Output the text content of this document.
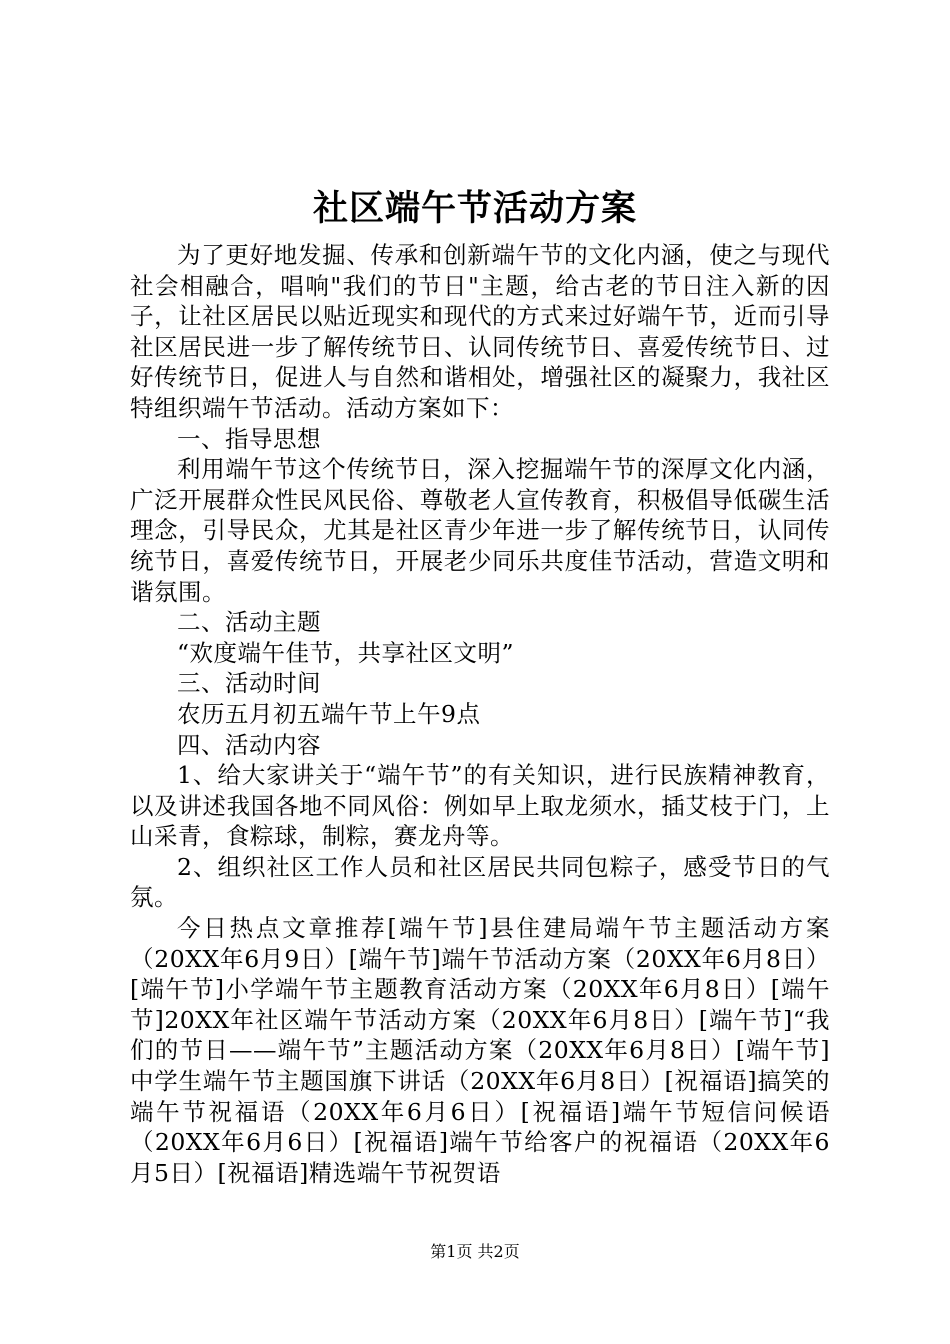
社区端午节活动方案

为了更好地发掘、传承和创新端午节的文化内涵，使之与现代社会相融合，唱响"我们的节日"主题，给古老的节日注入新的因子，让社区居民以贴近现实和现代的方式来过好端午节，近而引导社区居民进一步了解传统节日、认同传统节日、喜爱传统节日、过好传统节日，促进人与自然和谐相处，增强社区的凝聚力，我社区特组织端午节活动。活动方案如下：

一、指导思想

利用端午节这个传统节日，深入挖掘端午节的深厚文化内涵，广泛开展群众性民风民俗、尊敬老人宣传教育，积极倡导低碳生活理念，引导民众，尤其是社区青少年进一步了解传统节日，认同传统节日，喜爱传统节日，开展老少同乐共度佳节活动，营造文明和谐氛围。

二、活动主题

“欢度端午佳节，共享社区文明”

三、活动时间

农历五月初五端午节上午9点

四、活动内容

1、给大家讲关于“端午节”的有关知识，进行民族精神教育，以及讲述我国各地不同风俗：例如早上取龙须水，插艾枝于门，上山采青，食粽球，制粽，赛龙舟等。

2、组织社区工作人员和社区居民共同包粽子，感受节日的气氛。

今日热点文章推荐[端午节]县住建局端午节主题活动方案（20XX年6月9日）[端午节]端午节活动方案（20XX年6月8日）[端午节]小学端午节主题教育活动方案（20XX年6月8日）[端午节]20XX年社区端午节活动方案（20XX年6月8日）[端午节]“我们的节日——端午节”主题活动方案（20XX年6月8日）[端午节]中学生端午节主题国旗下讲话（20XX年6月8日）[祝福语]搞笑的端午节祝福语（20XX年6月6日）[祝福语]端午节短信问候语（20XX年6月6日）[祝福语]端午节给客户的祝福语（20XX年6月5日）[祝福语]精选端午节祝贺语

第1页 共2页
